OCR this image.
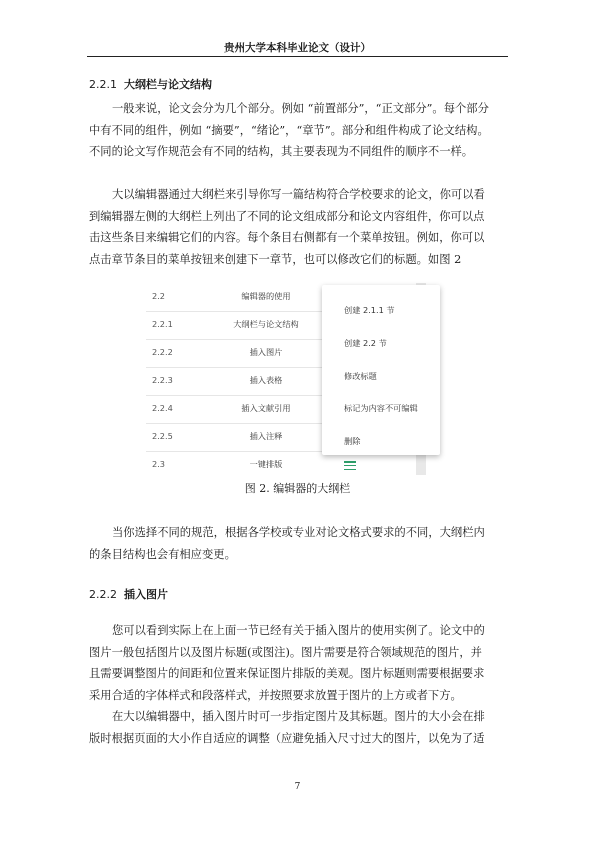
贵州大学本科毕业论文（设计）
2.2.1 大纲栏与论文结构
一般来说，论文会分为几个部分。例如 “前置部分”，“正文部分”。每个部分
中有不同的组件，例如 “摘要”，“绪论”，“章节”。部分和组件构成了论文结构。
不同的论文写作规范会有不同的结构，其主要表现为不同组件的顺序不一样。
大以编辑器通过大纲栏来引导你写一篇结构符合学校要求的论文，你可以看
到编辑器左侧的大纲栏上列出了不同的论文组成部分和论文内容组件，你可以点
击这些条目来编辑它们的内容。每个条目右侧都有一个菜单按钮。例如，你可以
点击章节条目的菜单按钮来创建下一章节，也可以修改它们的标题。如图 2
2.2	编辑器的使用
2.2.1	大纲栏与论文结构
2.2.2	插入图片
2.2.3	插入表格
2.2.4	插入文献引用
2.2.5	插入注释
2.3	一键排版
创建 2.1.1 节
创建 2.2 节
修改标题
标记为内容不可编辑
删除
图 2. 编辑器的大纲栏
当你选择不同的规范，根据各学校或专业对论文格式要求的不同，大纲栏内
的条目结构也会有相应变更。
2.2.2 插入图片
您可以看到实际上在上面一节已经有关于插入图片的使用实例了。论文中的
图片一般包括图片以及图片标题(或图注)。图片需要是符合领域规范的图片，并
且需要调整图片的间距和位置来保证图片排版的美观。图片标题则需要根据要求
采用合适的字体样式和段落样式，并按照要求放置于图片的上方或者下方。
在大以编辑器中，插入图片时可一步指定图片及其标题。图片的大小会在排
版时根据页面的大小作自适应的调整（应避免插入尺寸过大的图片，以免为了适
7
